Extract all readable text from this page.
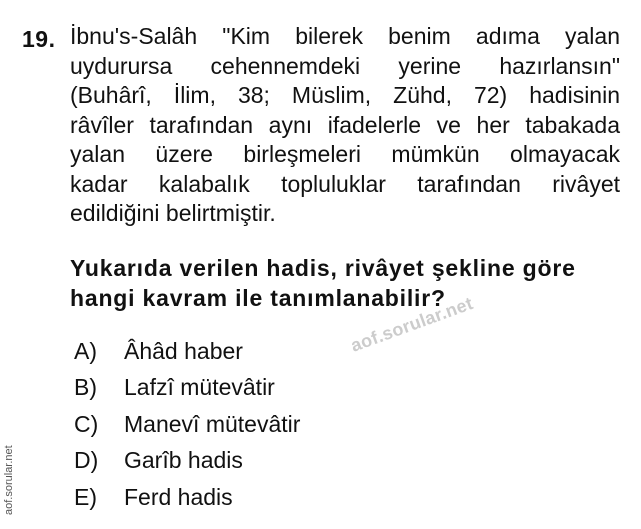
19. İbnu's-Salâh "Kim bilerek benim adıma yalan
uydurursa cehennemdeki yerine hazırlansın"
(Buhârî, İlim, 38; Müslim, Zühd, 72) hadisinin
râvîler tarafından aynı ifadelerle ve her tabakada
yalan üzere birleşmeleri mümkün olmayacak
kadar kalabalık topluluklar tarafından rivâyet
edildiğini belirtmiştir.
Yukarıda verilen hadis, rivâyet şekline göre
hangi kavram ile tanımlanabilir?
A)	Âhâd haber
B)	Lafzî mütevâtir
C)	Manevî mütevâtir
D)	Garîb hadis
E)	Ferd hadis
aof.sorular.net
aof.sorular.net
